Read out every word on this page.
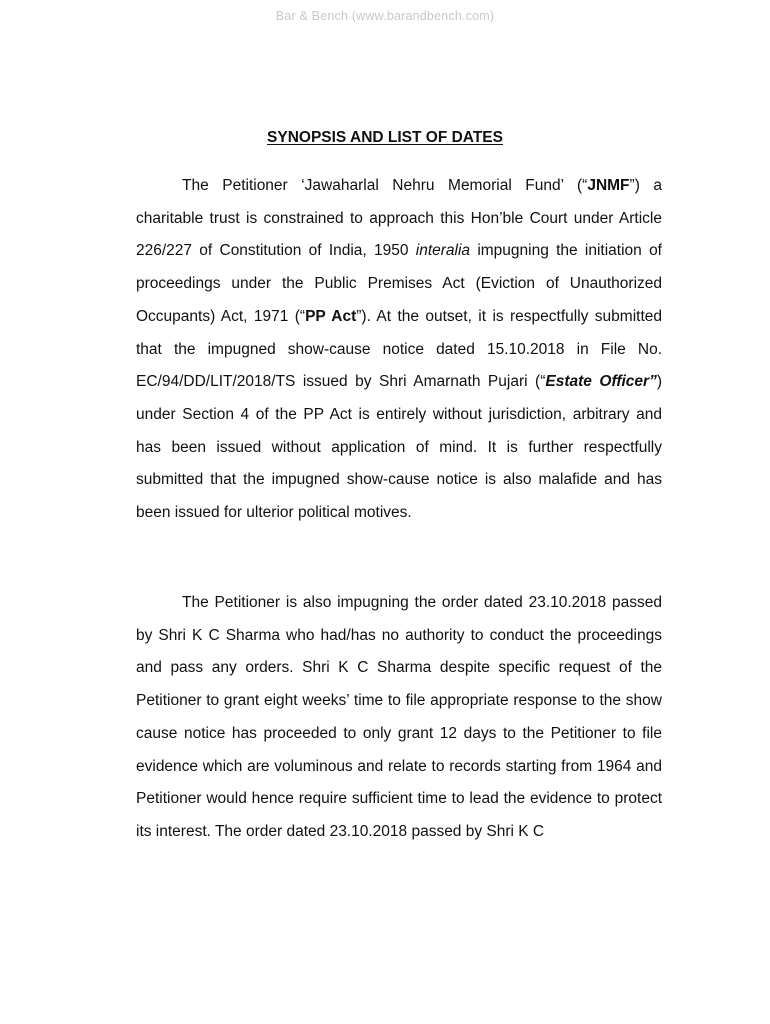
Bar & Bench (www.barandbench.com)
SYNOPSIS AND LIST OF DATES

The Petitioner ‘Jawaharlal Nehru Memorial Fund’ (“JNMF”) a charitable trust is constrained to approach this Hon’ble Court under Article 226/227 of Constitution of India, 1950 interalia impugning the initiation of proceedings under the Public Premises Act (Eviction of Unauthorized Occupants) Act, 1971 (“PP Act”). At the outset, it is respectfully submitted that the impugned show-cause notice dated 15.10.2018 in File No. EC/94/DD/LIT/2018/TS issued by Shri Amarnath Pujari (“Estate Officer”) under Section 4 of the PP Act is entirely without jurisdiction, arbitrary and has been issued without application of mind. It is further respectfully submitted that the impugned show-cause notice is also malafide and has been issued for ulterior political motives.

The Petitioner is also impugning the order dated 23.10.2018 passed by Shri K C Sharma who had/has no authority to conduct the proceedings and pass any orders. Shri K C Sharma despite specific request of the Petitioner to grant eight weeks’ time to file appropriate response to the show cause notice has proceeded to only grant 12 days to the Petitioner to file evidence which are voluminous and relate to records starting from 1964 and Petitioner would hence require sufficient time to lead the evidence to protect its interest. The order dated 23.10.2018 passed by Shri K C
